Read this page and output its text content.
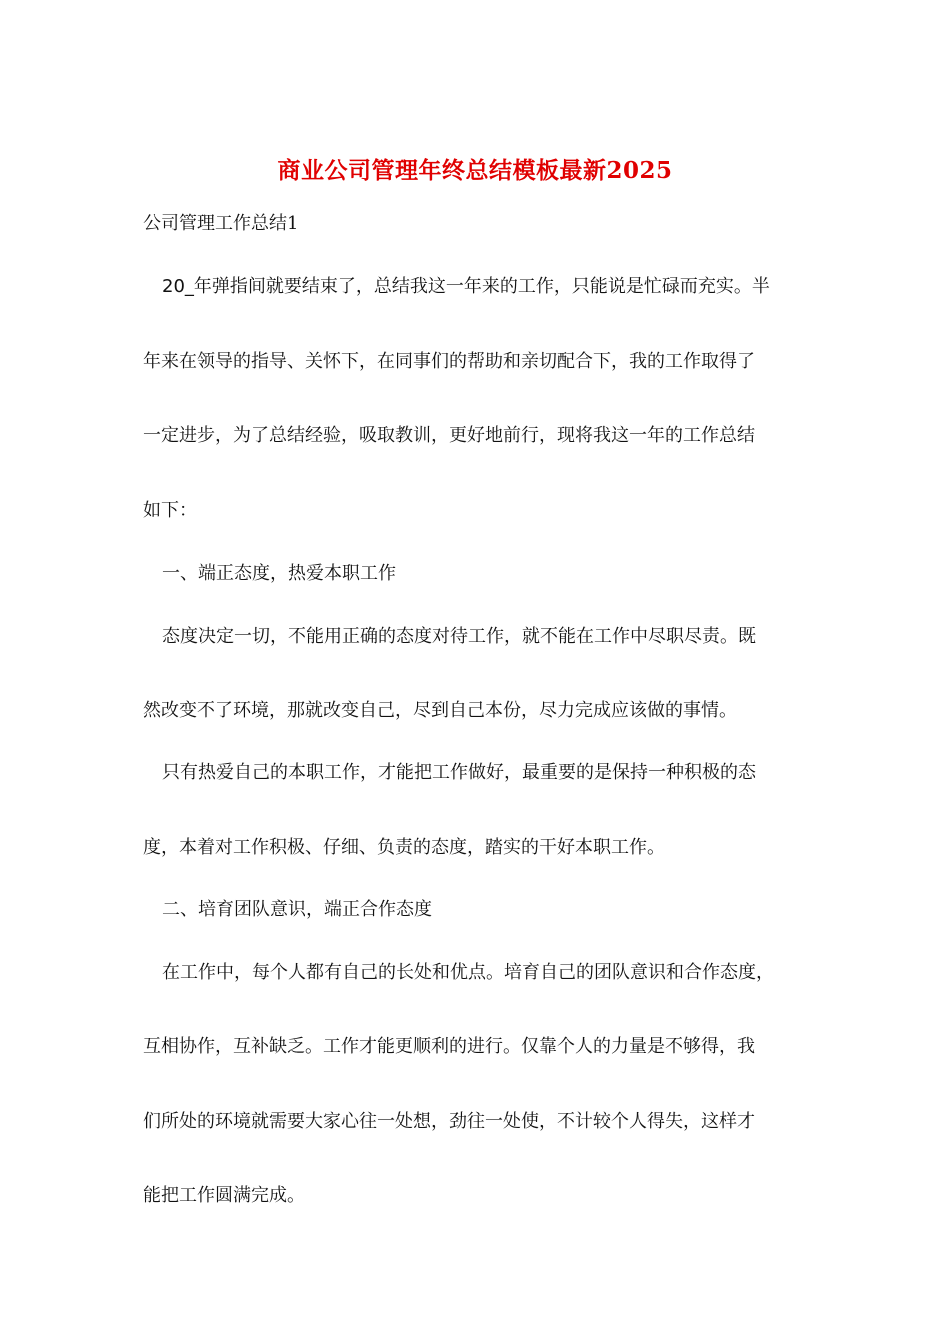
商业公司管理年终总结模板最新2025

公司管理工作总结1

20_年弹指间就要结束了，总结我这一年来的工作，只能说是忙碌而充实。半

年来在领导的指导、关怀下，在同事们的帮助和亲切配合下，我的工作取得了

一定进步，为了总结经验，吸取教训，更好地前行，现将我这一年的工作总结

如下：

一、端正态度，热爱本职工作

态度决定一切，不能用正确的态度对待工作，就不能在工作中尽职尽责。既

然改变不了环境，那就改变自己，尽到自己本份，尽力完成应该做的事情。

只有热爱自己的本职工作，才能把工作做好，最重要的是保持一种积极的态

度，本着对工作积极、仔细、负责的态度，踏实的干好本职工作。

二、培育团队意识，端正合作态度

在工作中，每个人都有自己的长处和优点。培育自己的团队意识和合作态度，

互相协作，互补缺乏。工作才能更顺利的进行。仅靠个人的力量是不够得，我

们所处的环境就需要大家心往一处想，劲往一处使，不计较个人得失，这样才

能把工作圆满完成。
